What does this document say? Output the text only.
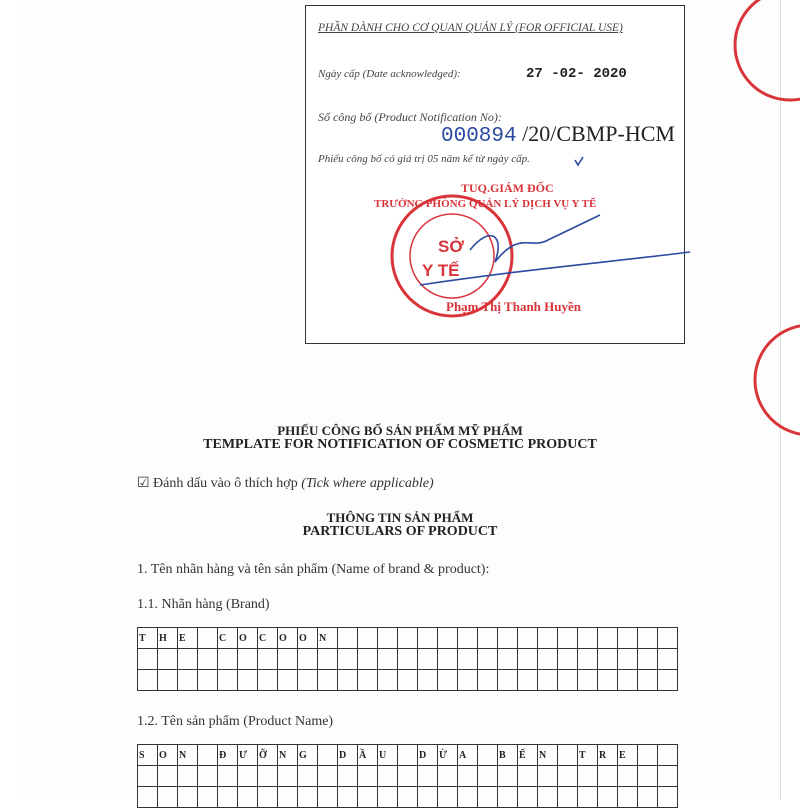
PHẦN DÀNH CHO CƠ QUAN QUẢN LÝ (FOR OFFICIAL USE)
Ngày cấp (Date acknowledged):	27 -02- 2020
Số công bố (Product Notification No):
000894 /20/CBMP-HCM
Phiếu công bố có giá trị 05 năm kể từ ngày cấp.
TUQ.GIÁM ĐỐC
TRƯỞNG PHÒNG QUẢN LÝ DỊCH VỤ Y TẾ
Phạm Thị Thanh Huyền
SỞ
Y TẾ
PHIẾU CÔNG BỐ SẢN PHẨM MỸ PHẨM
TEMPLATE FOR NOTIFICATION OF COSMETIC PRODUCT
☑ Đánh dấu vào ô thích hợp (Tick where applicable)
THÔNG TIN SẢN PHẨM
PARTICULARS OF PRODUCT
1. Tên nhãn hàng và tên sản phẩm (Name of brand & product):
1.1. Nhãn hàng (Brand)
T	H	E		C	O	C	O	O	N																	

1.2. Tên sản phẩm (Product Name)
S	O	N		Đ	Ư	Ỡ	N	G		D	Ầ	U		D	Ừ	A		B	Ế	N		T	R	E		
